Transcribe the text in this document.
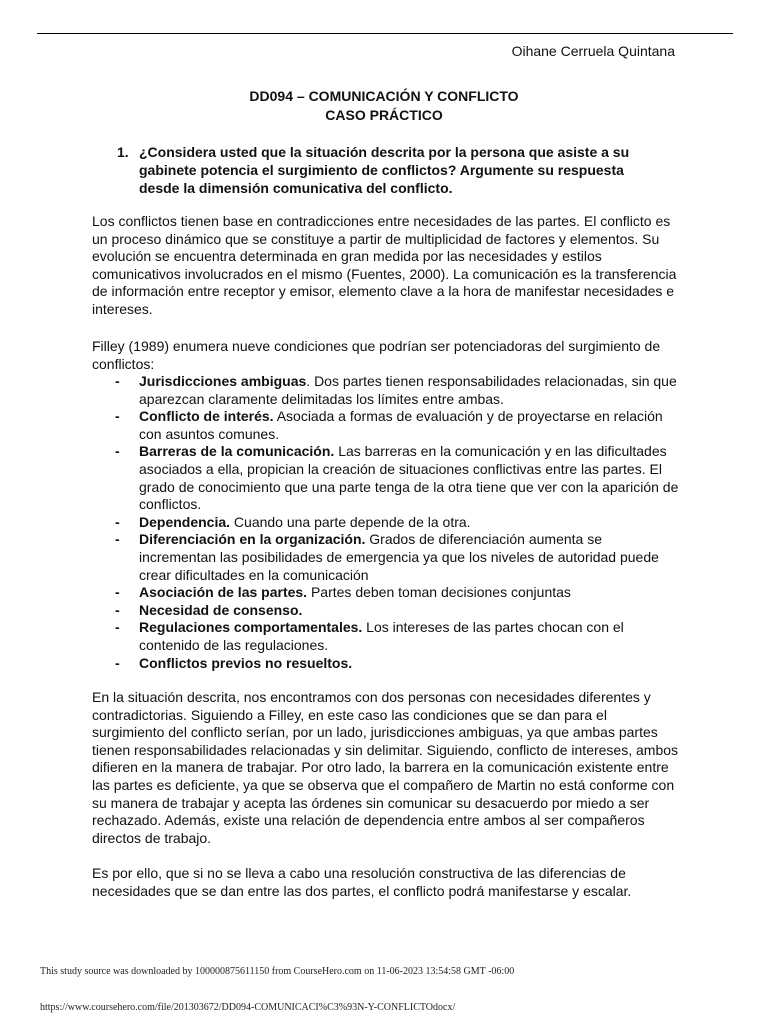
Oihane Cerruela Quintana
DD094 – COMUNICACIÓN Y CONFLICTO
CASO PRÁCTICO
1. ¿Considera usted que la situación descrita por la persona que asiste a su gabinete potencia el surgimiento de conflictos? Argumente su respuesta desde la dimensión comunicativa del conflicto.

Los conflictos tienen base en contradicciones entre necesidades de las partes. El conflicto es un proceso dinámico que se constituye a partir de multiplicidad de factores y elementos. Su evolución se encuentra determinada en gran medida por las necesidades y estilos comunicativos involucrados en el mismo (Fuentes, 2000). La comunicación es la transferencia de información entre receptor y emisor, elemento clave a la hora de manifestar necesidades e intereses.

Filley (1989) enumera nueve condiciones que podrían ser potenciadoras del surgimiento de conflictos:

- Jurisdicciones ambiguas. Dos partes tienen responsabilidades relacionadas, sin que aparezcan claramente delimitadas los límites entre ambas.
- Conflicto de interés. Asociada a formas de evaluación y de proyectarse en relación con asuntos comunes.
- Barreras de la comunicación. Las barreras en la comunicación y en las dificultades asociados a ella, propician la creación de situaciones conflictivas entre las partes. El grado de conocimiento que una parte tenga de la otra tiene que ver con la aparición de conflictos.
- Dependencia. Cuando una parte depende de la otra.
- Diferenciación en la organización. Grados de diferenciación aumenta se incrementan las posibilidades de emergencia ya que los niveles de autoridad puede crear dificultades en la comunicación
- Asociación de las partes. Partes deben toman decisiones conjuntas
- Necesidad de consenso.
- Regulaciones comportamentales. Los intereses de las partes chocan con el contenido de las regulaciones.
- Conflictos previos no resueltos.

En la situación descrita, nos encontramos con dos personas con necesidades diferentes y contradictorias. Siguiendo a Filley, en este caso las condiciones que se dan para el surgimiento del conflicto serían, por un lado, jurisdicciones ambiguas, ya que ambas partes tienen responsabilidades relacionadas y sin delimitar. Siguiendo, conflicto de intereses, ambos difieren en la manera de trabajar. Por otro lado, la barrera en la comunicación existente entre las partes es deficiente, ya que se observa que el compañero de Martin no está conforme con su manera de trabajar y acepta las órdenes sin comunicar su desacuerdo por miedo a ser rechazado. Además, existe una relación de dependencia entre ambos al ser compañeros directos de trabajo.

Es por ello, que si no se lleva a cabo una resolución constructiva de las diferencias de necesidades que se dan entre las dos partes, el conflicto podrá manifestarse y escalar.

This study source was downloaded by 100000875611150 from CourseHero.com on 11-06-2023 13:54:58 GMT -06:00
https://www.coursehero.com/file/201303672/DD094-COMUNICACI%C3%93N-Y-CONFLICTOdocx/
